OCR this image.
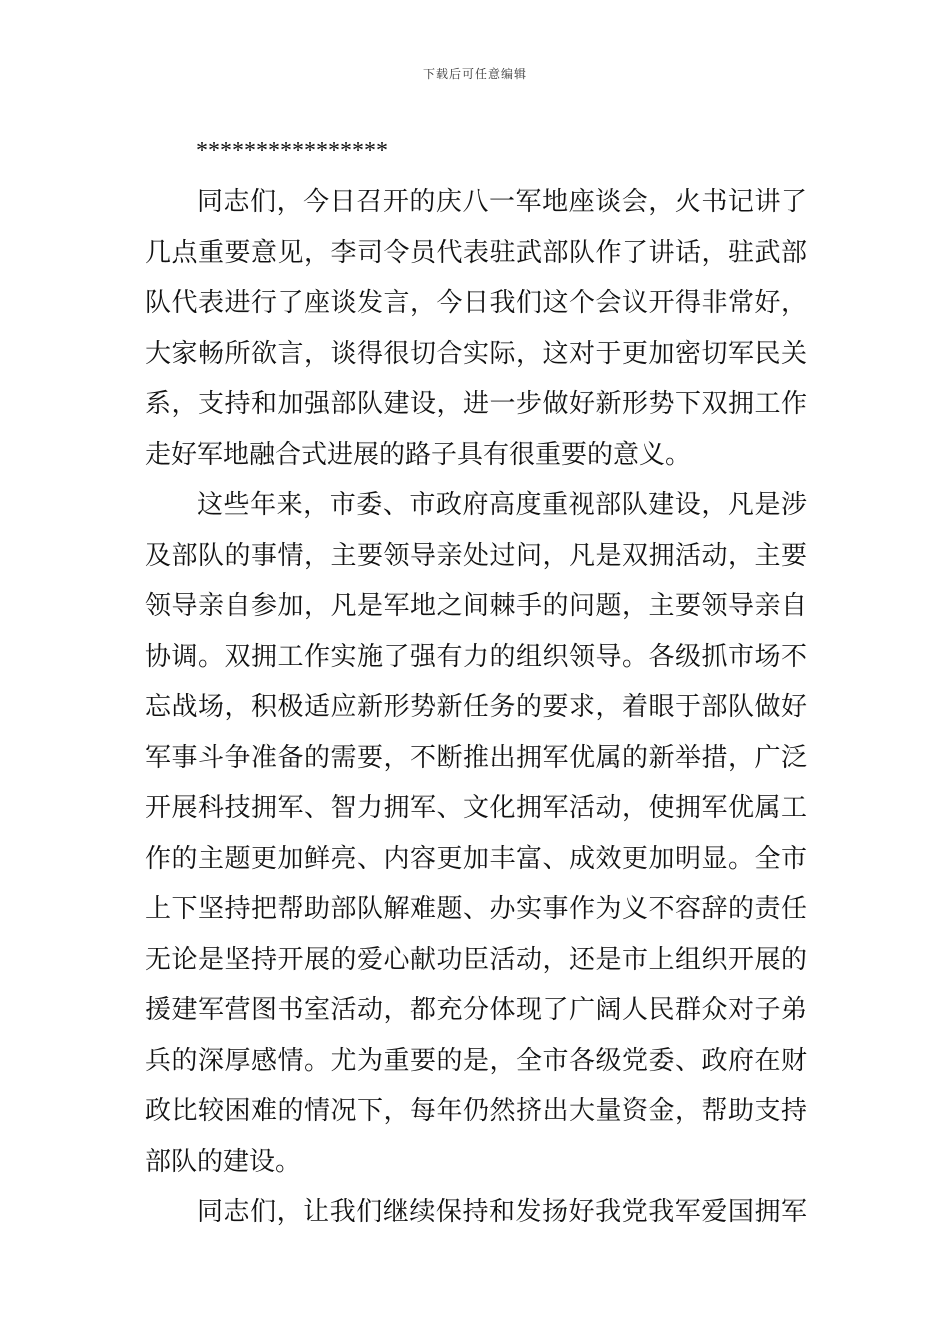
下载后可任意编辑
****************

同志们，今日召开的庆八一军地座谈会，火书记讲了
几点重要意见，李司令员代表驻武部队作了讲话，驻武部
队代表进行了座谈发言，今日我们这个会议开得非常好，
大家畅所欲言，谈得很切合实际，这对于更加密切军民关
系，支持和加强部队建设，进一步做好新形势下双拥工作
走好军地融合式进展的路子具有很重要的意义。

这些年来，市委、市政府高度重视部队建设，凡是涉
及部队的事情，主要领导亲处过问，凡是双拥活动，主要
领导亲自参加，凡是军地之间棘手的问题，主要领导亲自
协调。双拥工作实施了强有力的组织领导。各级抓市场不
忘战场，积极适应新形势新任务的要求，着眼于部队做好
军事斗争准备的需要，不断推出拥军优属的新举措，广泛
开展科技拥军、智力拥军、文化拥军活动，使拥军优属工
作的主题更加鲜亮、内容更加丰富、成效更加明显。全市
上下坚持把帮助部队解难题、办实事作为义不容辞的责任
无论是坚持开展的爱心献功臣活动，还是市上组织开展的
援建军营图书室活动，都充分体现了广阔人民群众对子弟
兵的深厚感情。尤为重要的是，全市各级党委、政府在财
政比较困难的情况下，每年仍然挤出大量资金，帮助支持
部队的建设。

同志们，让我们继续保持和发扬好我党我军爱国拥军
